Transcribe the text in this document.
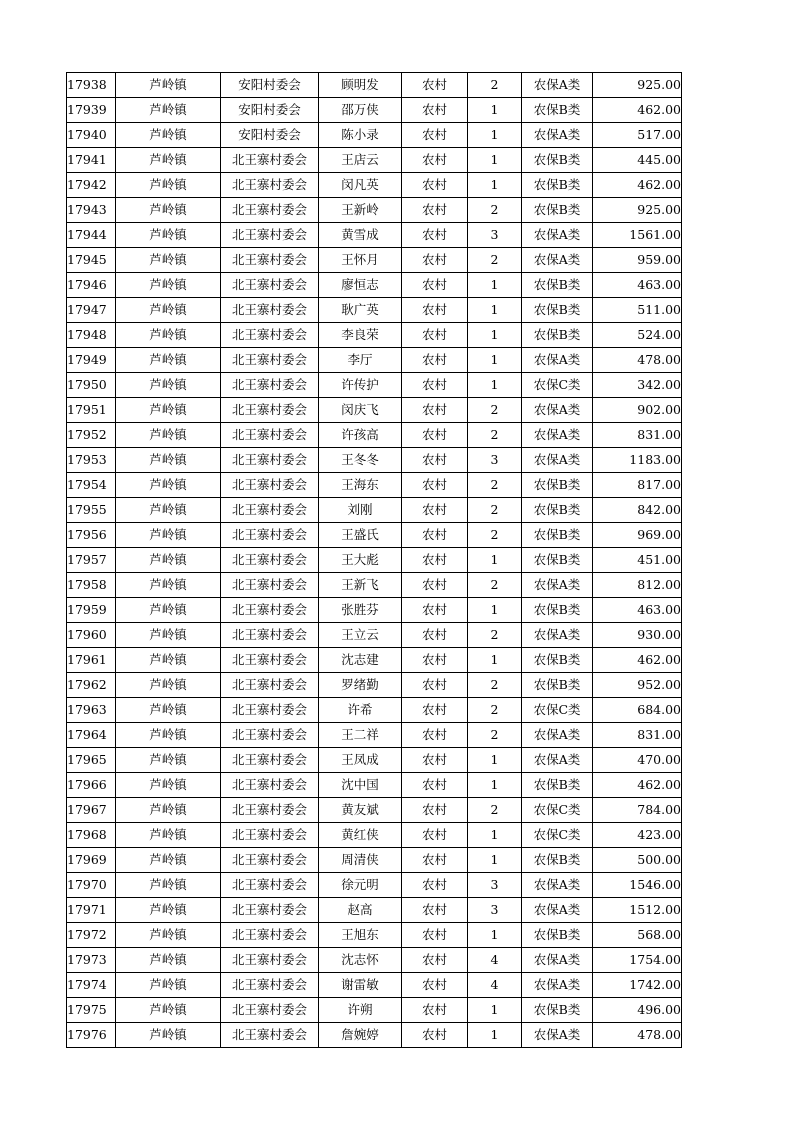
17938	芦岭镇	安阳村委会	顾明发	农村	2	农保A类	925.00
17939	芦岭镇	安阳村委会	邵万侠	农村	1	农保B类	462.00
17940	芦岭镇	安阳村委会	陈小录	农村	1	农保A类	517.00
17941	芦岭镇	北王寨村委会	王店云	农村	1	农保B类	445.00
17942	芦岭镇	北王寨村委会	闵凡英	农村	1	农保B类	462.00
17943	芦岭镇	北王寨村委会	王新岭	农村	2	农保B类	925.00
17944	芦岭镇	北王寨村委会	黄雪成	农村	3	农保A类	1561.00
17945	芦岭镇	北王寨村委会	王怀月	农村	2	农保A类	959.00
17946	芦岭镇	北王寨村委会	廖恒志	农村	1	农保B类	463.00
17947	芦岭镇	北王寨村委会	耿广英	农村	1	农保B类	511.00
17948	芦岭镇	北王寨村委会	李良荣	农村	1	农保B类	524.00
17949	芦岭镇	北王寨村委会	李厅	农村	1	农保A类	478.00
17950	芦岭镇	北王寨村委会	许传护	农村	1	农保C类	342.00
17951	芦岭镇	北王寨村委会	闵庆飞	农村	2	农保A类	902.00
17952	芦岭镇	北王寨村委会	许孩高	农村	2	农保A类	831.00
17953	芦岭镇	北王寨村委会	王冬冬	农村	3	农保A类	1183.00
17954	芦岭镇	北王寨村委会	王海东	农村	2	农保B类	817.00
17955	芦岭镇	北王寨村委会	刘刚	农村	2	农保B类	842.00
17956	芦岭镇	北王寨村委会	王盛氏	农村	2	农保B类	969.00
17957	芦岭镇	北王寨村委会	王大彪	农村	1	农保B类	451.00
17958	芦岭镇	北王寨村委会	王新飞	农村	2	农保A类	812.00
17959	芦岭镇	北王寨村委会	张胜芬	农村	1	农保B类	463.00
17960	芦岭镇	北王寨村委会	王立云	农村	2	农保A类	930.00
17961	芦岭镇	北王寨村委会	沈志建	农村	1	农保B类	462.00
17962	芦岭镇	北王寨村委会	罗绪勤	农村	2	农保B类	952.00
17963	芦岭镇	北王寨村委会	许希	农村	2	农保C类	684.00
17964	芦岭镇	北王寨村委会	王二祥	农村	2	农保A类	831.00
17965	芦岭镇	北王寨村委会	王凤成	农村	1	农保A类	470.00
17966	芦岭镇	北王寨村委会	沈中国	农村	1	农保B类	462.00
17967	芦岭镇	北王寨村委会	黄友斌	农村	2	农保C类	784.00
17968	芦岭镇	北王寨村委会	黄红侠	农村	1	农保C类	423.00
17969	芦岭镇	北王寨村委会	周清侠	农村	1	农保B类	500.00
17970	芦岭镇	北王寨村委会	徐元明	农村	3	农保A类	1546.00
17971	芦岭镇	北王寨村委会	赵高	农村	3	农保A类	1512.00
17972	芦岭镇	北王寨村委会	王旭东	农村	1	农保B类	568.00
17973	芦岭镇	北王寨村委会	沈志怀	农村	4	农保A类	1754.00
17974	芦岭镇	北王寨村委会	谢雷敏	农村	4	农保A类	1742.00
17975	芦岭镇	北王寨村委会	许朔	农村	1	农保B类	496.00
17976	芦岭镇	北王寨村委会	詹婉婷	农村	1	农保A类	478.00
